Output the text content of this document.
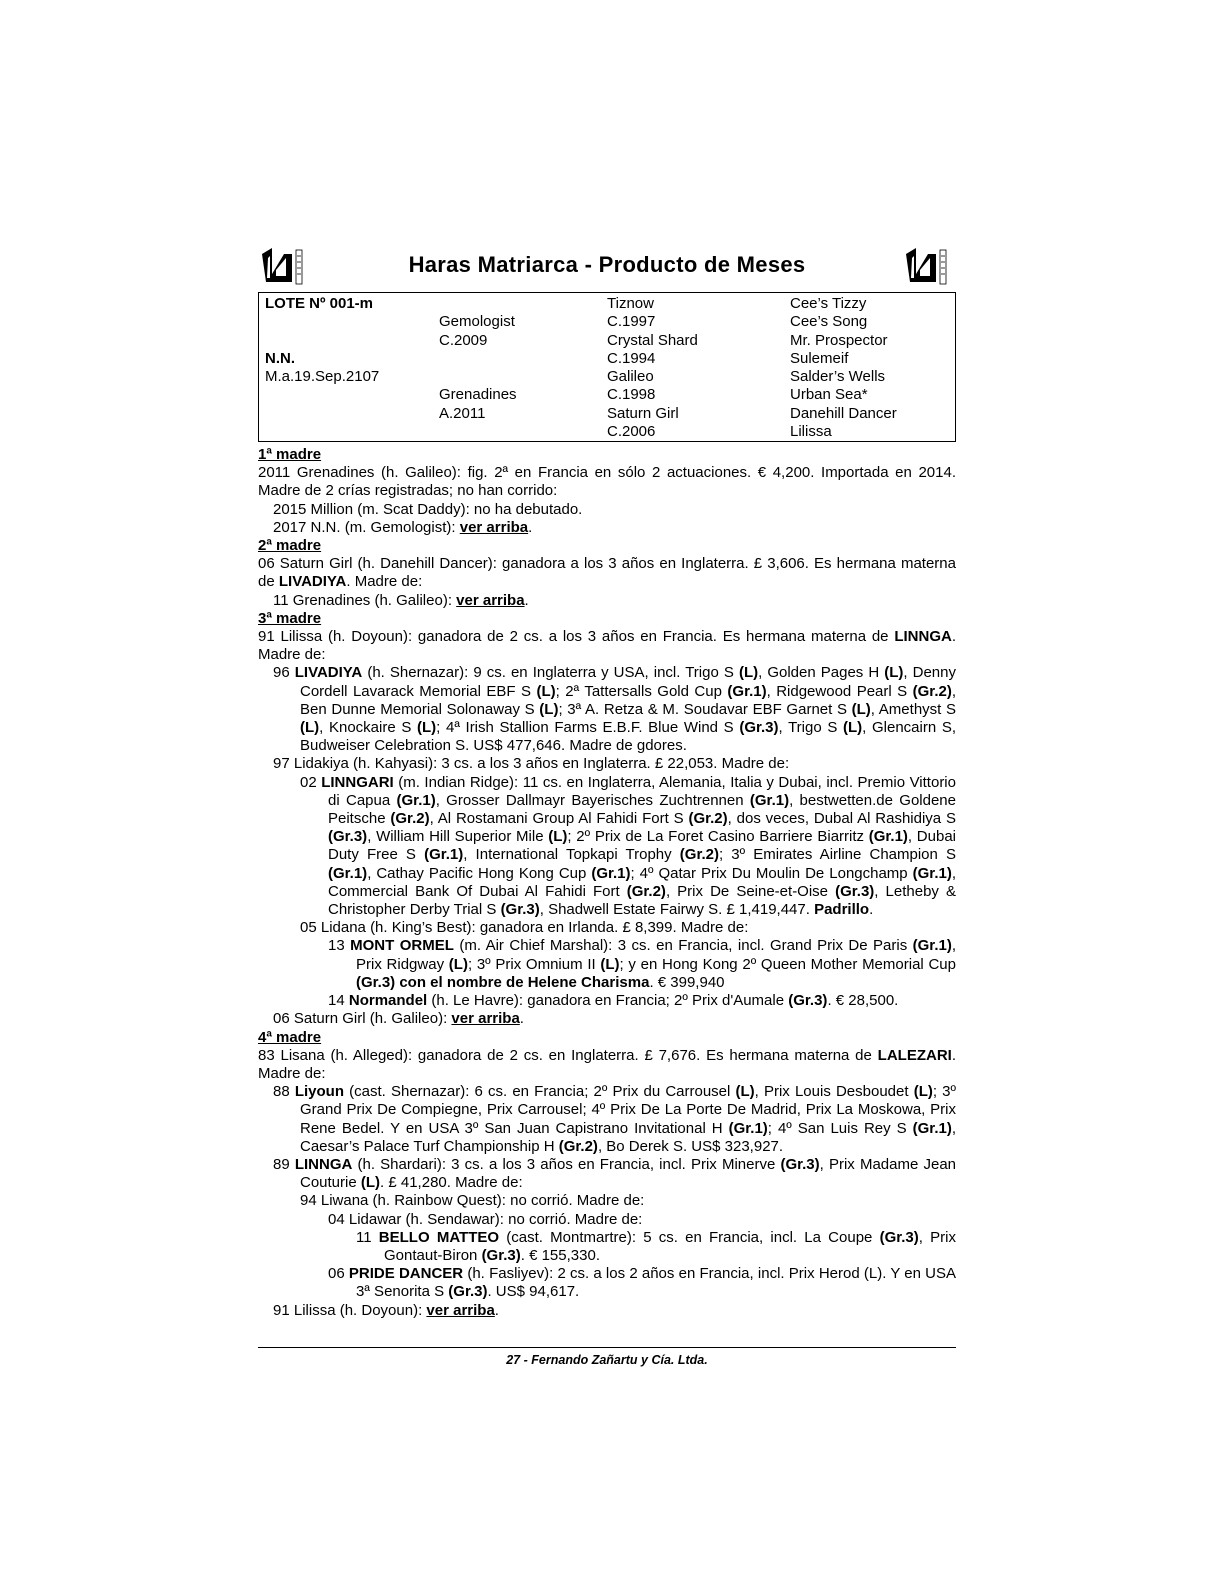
Haras Matriarca - Producto de Meses
LOTE Nº 001-m
N.N.
M.a.19.Sep.2107
Gemologist
C.2009
Grenadines
A.2011
Tiznow
C.1997
Crystal Shard
C.1994
Galileo
C.1998
Saturn Girl
C.2006
Cee’s Tizzy
Cee’s Song
Mr. Prospector
Sulemeif
Salder’s Wells
Urban Sea*
Danehill Dancer
Lilissa
1ª madre
2011 Grenadines (h. Galileo): fig. 2ª en Francia en sólo 2 actuaciones. € 4,200. Importada en 2014. Madre de 2 crías registradas; no han corrido:
2015 Million (m. Scat Daddy): no ha debutado.
2017 N.N. (m. Gemologist): ver arriba.
2ª madre
06 Saturn Girl (h. Danehill Dancer): ganadora a los 3 años en Inglaterra. £ 3,606. Es hermana materna de LIVADIYA. Madre de:
11 Grenadines (h. Galileo): ver arriba.
3ª madre
91 Lilissa (h. Doyoun): ganadora de 2 cs. a los 3 años en Francia. Es hermana materna de LINNGA. Madre de:
96 LIVADIYA (h. Shernazar): 9 cs. en Inglaterra y USA, incl. Trigo S (L), Golden Pages H (L), Denny Cordell Lavarack Memorial EBF S (L); 2ª Tattersalls Gold Cup (Gr.1), Ridgewood Pearl S (Gr.2), Ben Dunne Memorial Solonaway S (L); 3ª A. Retza & M. Soudavar EBF Garnet S (L), Amethyst S (L), Knockaire S (L); 4ª Irish Stallion Farms E.B.F. Blue Wind S (Gr.3), Trigo S (L), Glencairn S, Budweiser Celebration S. US$ 477,646. Madre de gdores.
97 Lidakiya (h. Kahyasi): 3 cs. a los 3 años en Inglaterra. £ 22,053. Madre de:
02 LINNGARI (m. Indian Ridge): 11 cs. en Inglaterra, Alemania, Italia y Dubai, incl. Premio Vittorio di Capua (Gr.1), Grosser Dallmayr Bayerisches Zuchtrennen (Gr.1), bestwetten.de Goldene Peitsche (Gr.2), Al Rostamani Group Al Fahidi Fort S (Gr.2), dos veces, Dubal Al Rashidiya S (Gr.3), William Hill Superior Mile (L); 2º Prix de La Foret Casino Barriere Biarritz (Gr.1), Dubai Duty Free S (Gr.1), International Topkapi Trophy (Gr.2); 3º Emirates Airline Champion S (Gr.1), Cathay Pacific Hong Kong Cup (Gr.1); 4º Qatar Prix Du Moulin De Longchamp (Gr.1), Commercial Bank Of Dubai Al Fahidi Fort (Gr.2), Prix De Seine-et-Oise (Gr.3), Letheby & Christopher Derby Trial S (Gr.3), Shadwell Estate Fairwy S. £ 1,419,447. Padrillo.
05 Lidana (h. King’s Best): ganadora en Irlanda. £ 8,399. Madre de:
13 MONT ORMEL (m. Air Chief Marshal): 3 cs. en Francia, incl. Grand Prix De Paris (Gr.1), Prix Ridgway (L); 3º Prix Omnium II (L); y en Hong Kong 2º Queen Mother Memorial Cup (Gr.3) con el nombre de Helene Charisma. € 399,940
14 Normandel (h. Le Havre): ganadora en Francia; 2º Prix d'Aumale (Gr.3). € 28,500.
06 Saturn Girl (h. Galileo): ver arriba.
4ª madre
83 Lisana (h. Alleged): ganadora de 2 cs. en Inglaterra. £ 7,676. Es hermana materna de LALEZARI. Madre de:
88 Liyoun (cast. Shernazar): 6 cs. en Francia; 2º Prix du Carrousel (L), Prix Louis Desboudet (L); 3º Grand Prix De Compiegne, Prix Carrousel; 4º Prix De La Porte De Madrid, Prix La Moskowa, Prix Rene Bedel. Y en USA 3º San Juan Capistrano Invitational H (Gr.1); 4º San Luis Rey S (Gr.1), Caesar’s Palace Turf Championship H (Gr.2), Bo Derek S. US$ 323,927.
89 LINNGA (h. Shardari): 3 cs. a los 3 años en Francia, incl. Prix Minerve (Gr.3), Prix Madame Jean Couturie (L). £ 41,280. Madre de:
94 Liwana (h. Rainbow Quest): no corrió. Madre de:
04 Lidawar (h. Sendawar): no corrió. Madre de:
11 BELLO MATTEO (cast. Montmartre): 5 cs. en Francia, incl. La Coupe (Gr.3), Prix Gontaut-Biron (Gr.3). € 155,330.
06 PRIDE DANCER (h. Fasliyev): 2 cs. a los 2 años en Francia, incl. Prix Herod (L). Y en USA 3ª Senorita S (Gr.3). US$ 94,617.
91 Lilissa (h. Doyoun): ver arriba.
27 - Fernando Zañartu y Cía. Ltda.
